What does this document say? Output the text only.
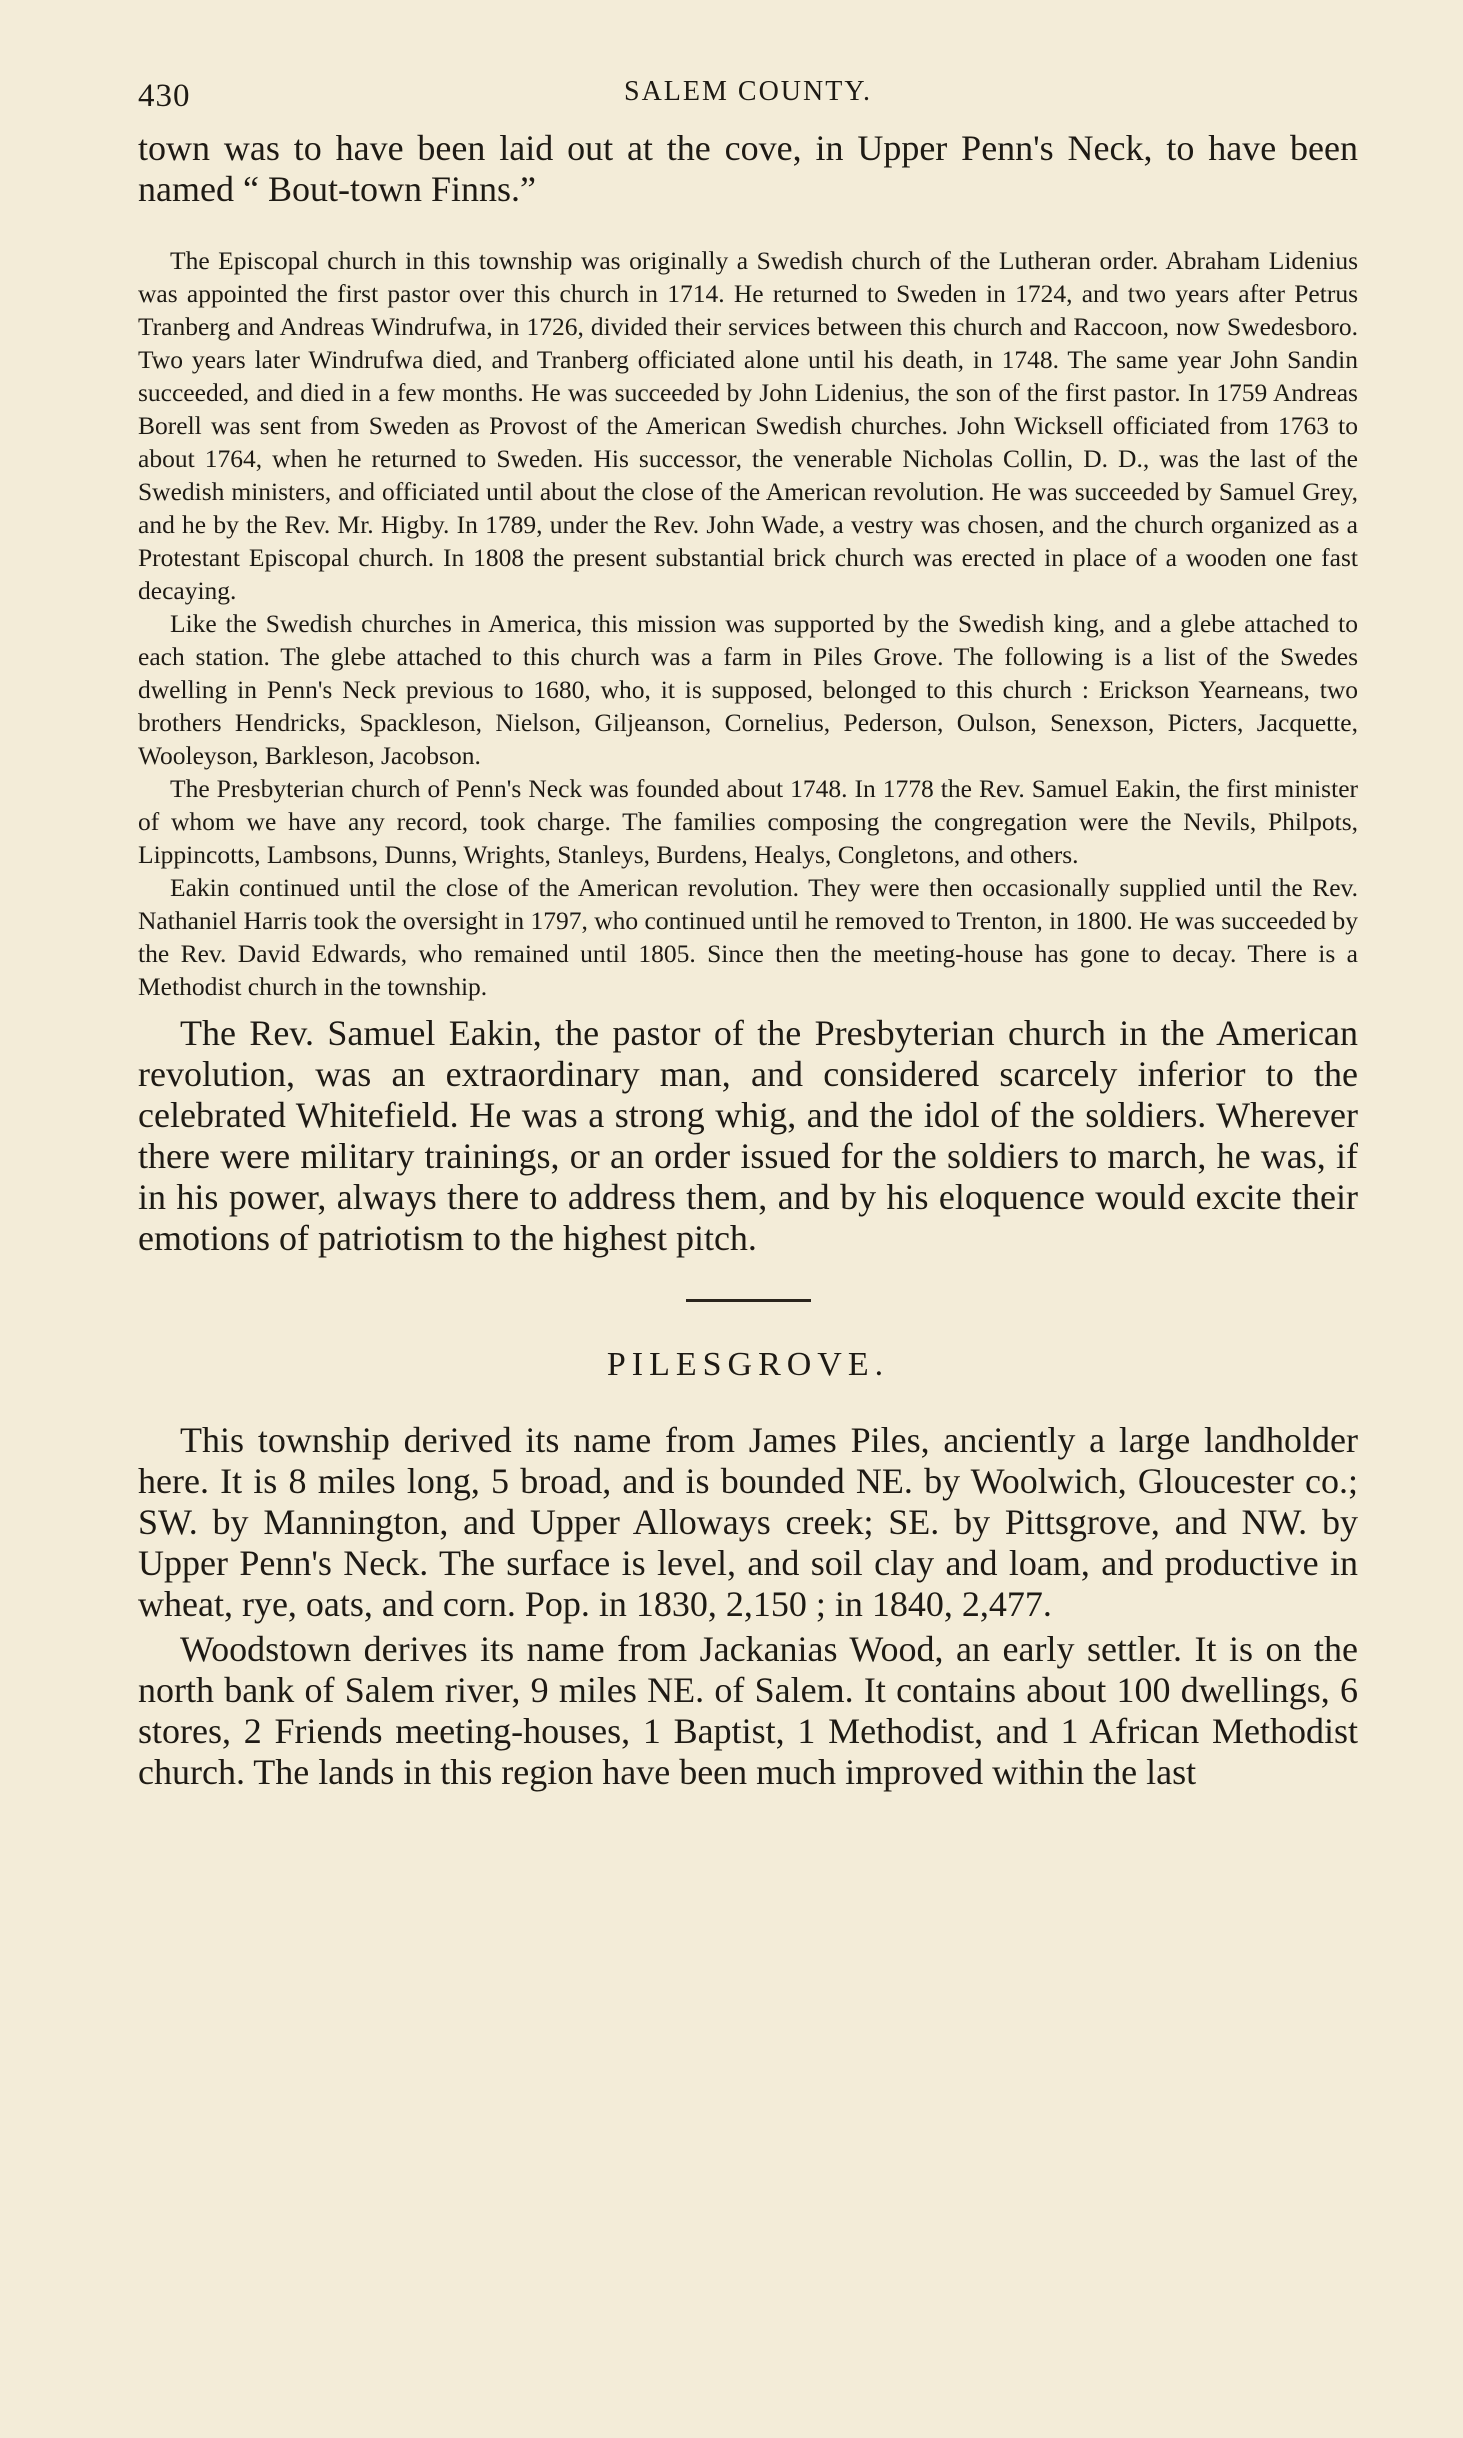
430	SALEM COUNTY.

town was to have been laid out at the cove, in Upper Penn's Neck, to have been named “ Bout-town Finns.”

The Episcopal church in this township was originally a Swedish church of the Lutheran order. Abraham Lidenius was appointed the first pastor over this church in 1714. He returned to Sweden in 1724, and two years after Petrus Tranberg and Andreas Windrufwa, in 1726, divided their services between this church and Raccoon, now Swedesboro. Two years later Windrufwa died, and Tranberg officiated alone until his death, in 1748. The same year John Sandin succeeded, and died in a few months. He was succeeded by John Lidenius, the son of the first pastor. In 1759 Andreas Borell was sent from Sweden as Provost of the American Swedish churches. John Wicksell officiated from 1763 to about 1764, when he returned to Sweden. His successor, the venerable Nicholas Collin, D. D., was the last of the Swedish ministers, and officiated until about the close of the American revolution. He was succeeded by Samuel Grey, and he by the Rev. Mr. Higby. In 1789, under the Rev. John Wade, a vestry was chosen, and the church organized as a Protestant Episcopal church. In 1808 the present substantial brick church was erected in place of a wooden one fast decaying.

Like the Swedish churches in America, this mission was supported by the Swedish king, and a glebe attached to each station. The glebe attached to this church was a farm in Piles Grove. The following is a list of the Swedes dwelling in Penn's Neck previous to 1680, who, it is supposed, belonged to this church : Erickson Yearneans, two brothers Hendricks, Spackleson, Nielson, Giljeanson, Cornelius, Pederson, Oulson, Senexson, Picters, Jacquette, Wooleyson, Barkleson, Jacobson.

The Presbyterian church of Penn's Neck was founded about 1748. In 1778 the Rev. Samuel Eakin, the first minister of whom we have any record, took charge. The families composing the congregation were the Nevils, Philpots, Lippincotts, Lambsons, Dunns, Wrights, Stanleys, Burdens, Healys, Congletons, and others.

Eakin continued until the close of the American revolution. They were then occasionally supplied until the Rev. Nathaniel Harris took the oversight in 1797, who continued until he removed to Trenton, in 1800. He was succeeded by the Rev. David Edwards, who remained until 1805. Since then the meeting-house has gone to decay. There is a Methodist church in the township.

The Rev. Samuel Eakin, the pastor of the Presbyterian church in the American revolution, was an extraordinary man, and considered scarcely inferior to the celebrated Whitefield. He was a strong whig, and the idol of the soldiers. Wherever there were military trainings, or an order issued for the soldiers to march, he was, if in his power, always there to address them, and by his eloquence would excite their emotions of patriotism to the highest pitch.

PILESGROVE.

This township derived its name from James Piles, anciently a large landholder here. It is 8 miles long, 5 broad, and is bounded NE. by Woolwich, Gloucester co.; SW. by Mannington, and Upper Alloways creek; SE. by Pittsgrove, and NW. by Upper Penn's Neck. The surface is level, and soil clay and loam, and productive in wheat, rye, oats, and corn. Pop. in 1830, 2,150 ; in 1840, 2,477.

Woodstown derives its name from Jackanias Wood, an early settler. It is on the north bank of Salem river, 9 miles NE. of Salem. It contains about 100 dwellings, 6 stores, 2 Friends meeting-houses, 1 Baptist, 1 Methodist, and 1 African Methodist church. The lands in this region have been much improved within the last
